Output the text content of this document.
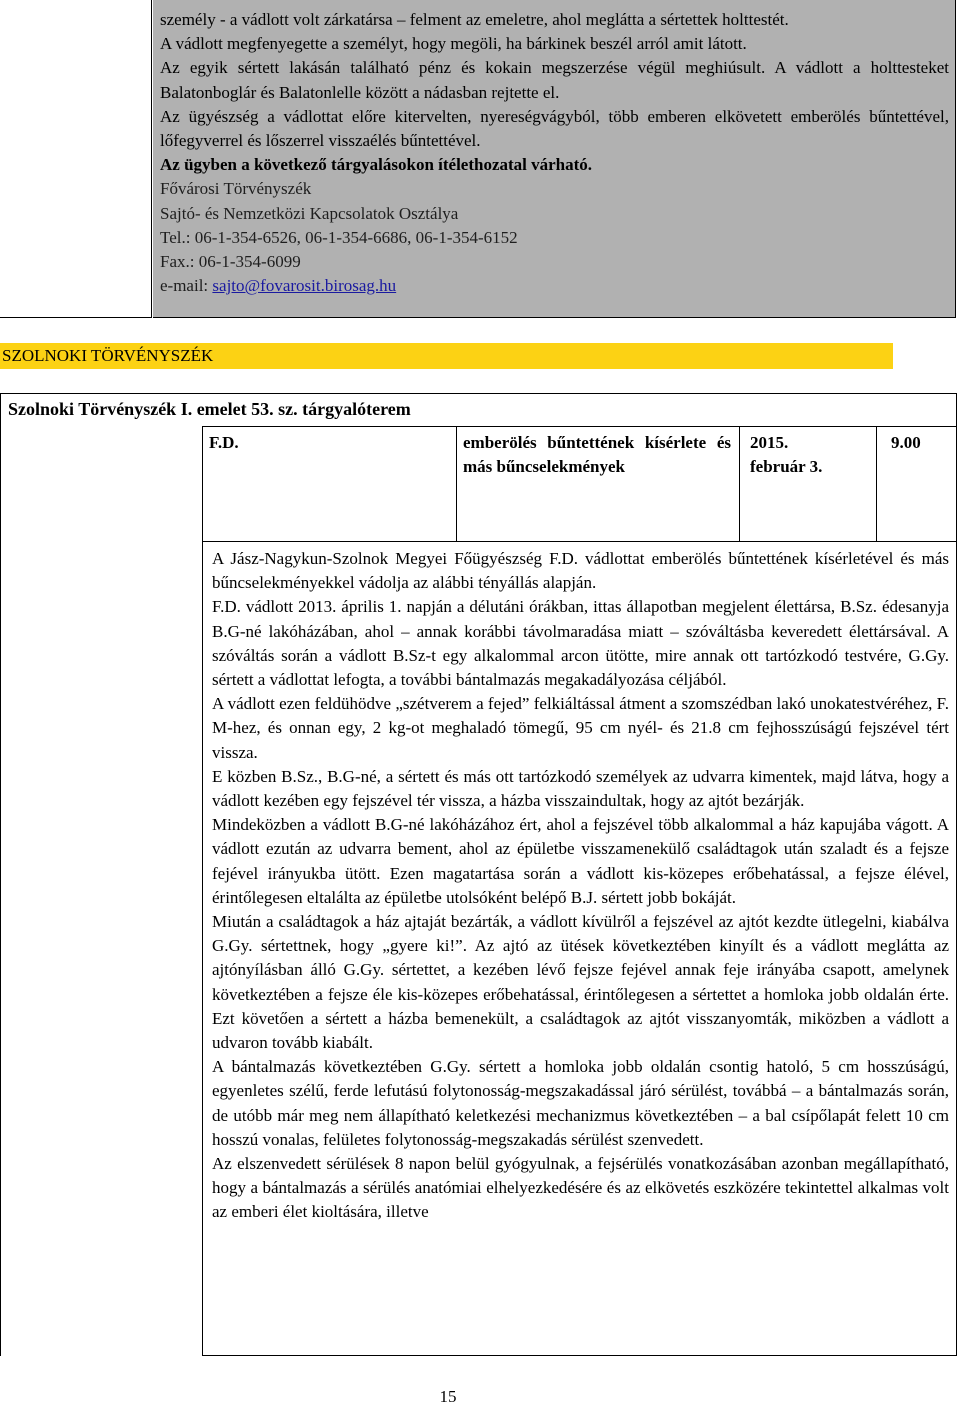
személy - a vádlott volt zárkatársa – felment az emeletre, ahol meglátta a sértettek holttestét.

A vádlott megfenyegette a személyt, hogy megöli, ha bárkinek beszél arról amit látott.

Az egyik sértett lakásán található pénz és kokain megszerzése végül meghiúsult. A vádlott a holttesteket Balatonboglár és Balatonlelle között a nádasban rejtette el.

Az ügyészség a vádlottat előre kitervelten, nyereségvágyból, több emberen elkövetett emberölés bűntettével, lőfegyverrel és lőszerrel visszaélés bűntettével.

Az ügyben a következő tárgyalásokon ítélethozatal várható.

Fővárosi Törvényszék

Sajtó- és Nemzetközi Kapcsolatok Osztálya

Tel.: 06-1-354-6526, 06-1-354-6686, 06-1-354-6152

Fax.: 06-1-354-6099

e-mail: sajto@fovarosit.birosag.hu

SZOLNOKI TÖRVÉNYSZÉK
Szolnoki Törvényszék I. emelet 53. sz. tárgyalóterem
F.D.	emberölés bűntettének kísérlete és más bűncselekmények
2015.
február 3.
9.00

A Jász-Nagykun-Szolnok Megyei Főügyészség F.D. vádlottat emberölés bűntettének kísérletével és más bűncselekményekkel vádolja az alábbi tényállás alapján.

F.D. vádlott 2013. április 1. napján a délutáni órákban, ittas állapotban megjelent élettársa, B.Sz. édesanyja B.G-né lakóházában, ahol – annak korábbi távolmaradása miatt – szóváltásba keveredett élettársával. A szóváltás során a vádlott B.Sz-t egy alkalommal arcon ütötte, mire annak ott tartózkodó testvére, G.Gy. sértett a vádlottat lefogta, a további bántalmazás megakadályozása céljából.

A vádlott ezen feldühödve „szétverem a fejed” felkiáltással átment a szomszédban lakó unokatestvéréhez, F. M-hez, és onnan egy, 2 kg-ot meghaladó tömegű, 95 cm nyél- és 21.8 cm fejhosszúságú fejszével tért vissza.

E közben B.Sz., B.G-né, a sértett és más ott tartózkodó személyek az udvarra kimentek, majd látva, hogy a vádlott kezében egy fejszével tér vissza, a házba visszaindultak, hogy az ajtót bezárják.

Mindeközben a vádlott B.G-né lakóházához ért, ahol a fejszével több alkalommal a ház kapujába vágott. A vádlott ezután az udvarra bement, ahol az épületbe visszamenekülő családtagok után szaladt és a fejsze fejével irányukba ütött. Ezen magatartása során a vádlott kis-közepes erőbehatással, a fejsze élével, érintőlegesen eltalálta az épületbe utolsóként belépő B.J. sértett jobb bokáját.

Miután a családtagok a ház ajtaját bezárták, a vádlott kívülről a fejszével az ajtót kezdte ütlegelni, kiabálva G.Gy. sértettnek, hogy „gyere ki!”. Az ajtó az ütések következtében kinyílt és a vádlott meglátta az ajtónyílásban álló G.Gy. sértettet, a kezében lévő fejsze fejével annak feje irányába csapott, amelynek következtében a fejsze éle kis-közepes erőbehatással, érintőlegesen a sértettet a homloka jobb oldalán érte. Ezt követően a sértett a házba bemenekült, a családtagok az ajtót visszanyomták, miközben a vádlott a udvaron tovább kiabált.

A bántalmazás következtében G.Gy. sértett a homloka jobb oldalán csontig hatoló, 5 cm hosszúságú, egyenletes szélű, ferde lefutású folytonosság-megszakadással járó sérülést, továbbá – a bántalmazás során, de utóbb már meg nem állapítható keletkezési mechanizmus következtében – a bal csípőlapát felett 10 cm hosszú vonalas, felületes folytonosság-megszakadás sérülést szenvedett.

Az elszenvedett sérülések 8 napon belül gyógyulnak, a fejsérülés vonatkozásában azonban megállapítható, hogy a bántalmazás a sérülés anatómiai elhelyezkedésére és az elkövetés eszközére tekintettel alkalmas volt az emberi élet kioltására, illetve

15
